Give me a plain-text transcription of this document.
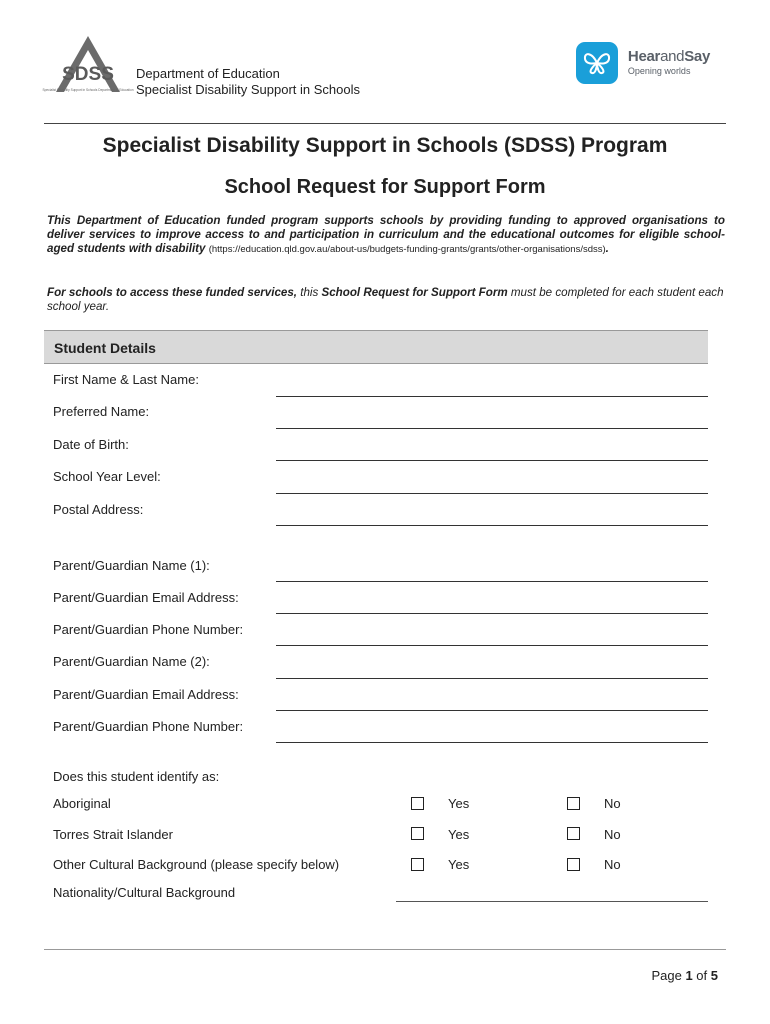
SDSS
Specialist Disability Support in Schools Department of Education
Department of Education
Specialist Disability Support in Schools
HearandSay
Opening worlds
Specialist Disability Support in Schools (SDSS) Program
School Request for Support Form

This Department of Education funded program supports schools by providing funding to approved organisations to deliver services to improve access to and participation in curriculum and the educational outcomes for eligible school-aged students with disability (https://education.qld.gov.au/about-us/budgets-funding-grants/grants/other-organisations/sdss).

For schools to access these funded services, this School Request for Support Form must be completed for each student each school year.

Student Details
First Name & Last Name:
Preferred Name:
Date of Birth:
School Year Level:
Postal Address:
Parent/Guardian Name (1):
Parent/Guardian Email Address:
Parent/Guardian Phone Number:
Parent/Guardian Name (2):
Parent/Guardian Email Address:
Parent/Guardian Phone Number:
Does this student identify as:
Aboriginal	Yes	No
Torres Strait Islander	Yes	No
Other Cultural Background (please specify below)	Yes	No
Nationality/Cultural Background
Page 1 of 5
